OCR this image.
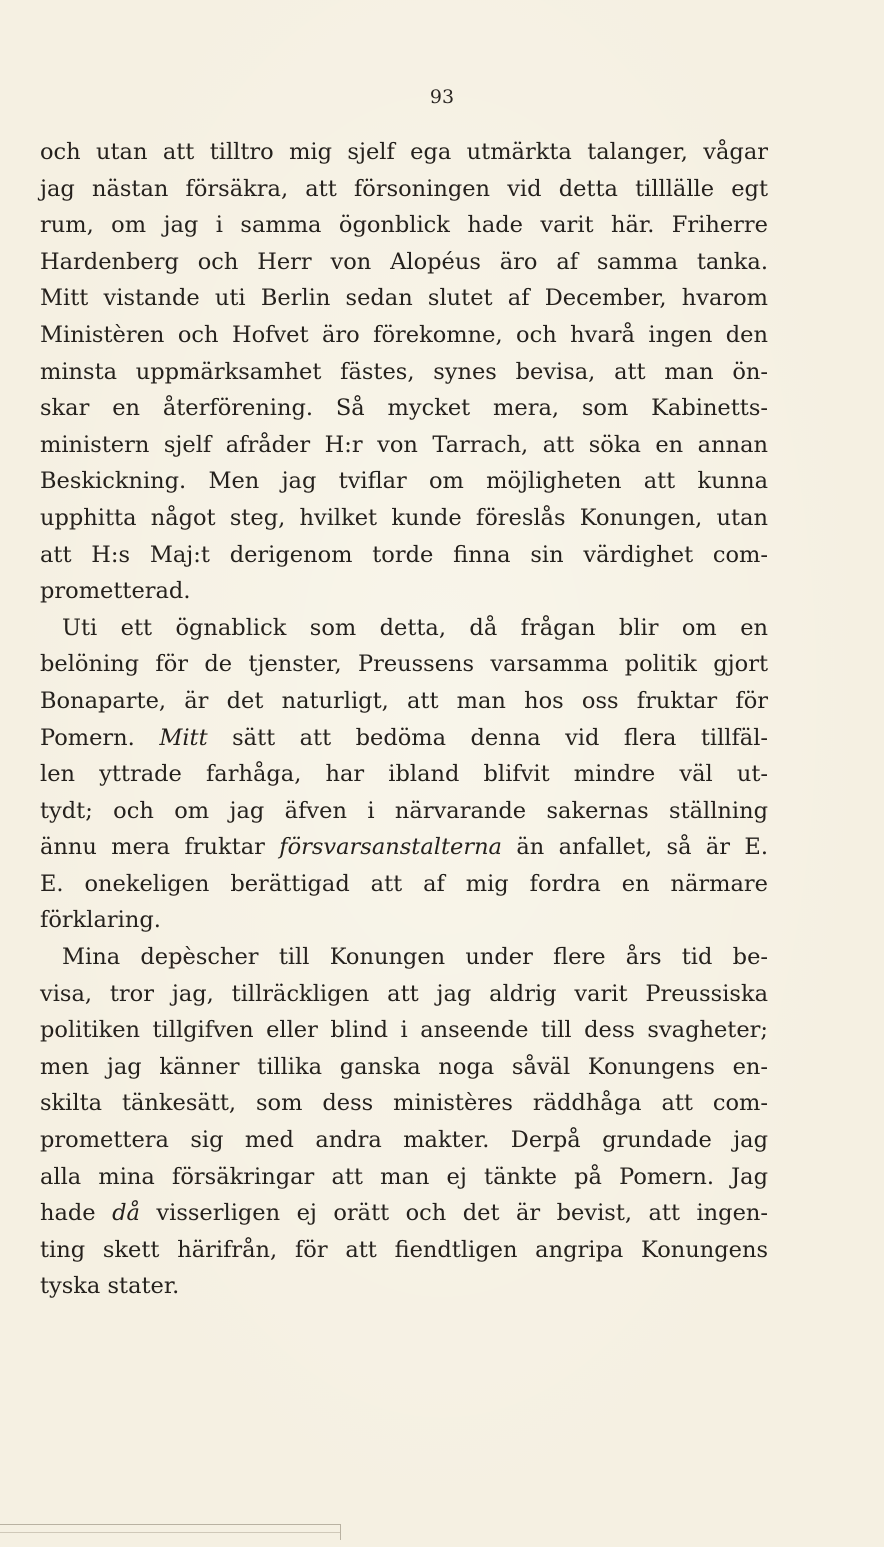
93
och utan att tilltro mig sjelf ega utmärkta talanger, vågar
jag nästan försäkra, att försoningen vid detta tilllälle egt
rum, om jag i samma ögonblick hade varit här. Friherre
Hardenberg och Herr von Alopéus äro af samma tanka.
Mitt vistande uti Berlin sedan slutet af December, hvarom
Ministèren och Hofvet äro förekomne, och hvarå ingen den
minsta uppmärksamhet fästes, synes bevisa, att man ön-
skar en återförening. Så mycket mera, som Kabinetts-
ministern sjelf afråder H:r von Tarrach, att söka en annan
Beskickning. Men jag tviflar om möjligheten att kunna
upphitta något steg, hvilket kunde föreslås Konungen, utan
att H:s Maj:t derigenom torde finna sin värdighet com-
prometterad.
Uti ett ögnablick som detta, då frågan blir om en
belöning för de tjenster, Preussens varsamma politik gjort
Bonaparte, är det naturligt, att man hos oss fruktar för
Pomern. Mitt sätt att bedöma denna vid flera tillfäl-
len yttrade farhåga, har ibland blifvit mindre väl ut-
tydt; och om jag äfven i närvarande sakernas ställning
ännu mera fruktar försvarsanstalterna än anfallet, så är E.
E. onekeligen berättigad att af mig fordra en närmare
förklaring.
Mina depèscher till Konungen under flere års tid be-
visa, tror jag, tillräckligen att jag aldrig varit Preussiska
politiken tillgifven eller blind i anseende till dess svagheter;
men jag känner tillika ganska noga såväl Konungens en-
skilta tänkesätt, som dess ministères räddhåga att com-
promettera sig med andra makter. Derpå grundade jag
alla mina försäkringar att man ej tänkte på Pomern. Jag
hade då visserligen ej orätt och det är bevist, att ingen-
ting skett härifrån, för att fiendtligen angripa Konungens
tyska stater.
